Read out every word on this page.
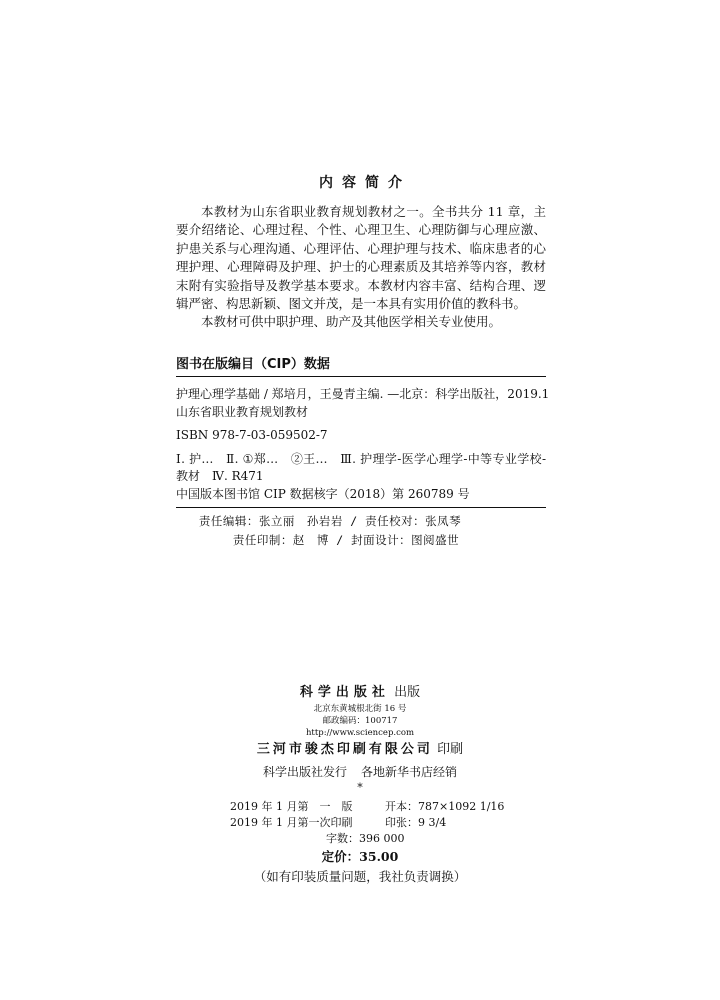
内容简介

本教材为山东省职业教育规划教材之一。全书共分 11 章，主要介绍绪论、心理过程、个性、心理卫生、心理防御与心理应激、护患关系与心理沟通、心理评估、心理护理与技术、临床患者的心理护理、心理障碍及护理、护士的心理素质及其培养等内容，教材末附有实验指导及教学基本要求。本教材内容丰富、结构合理、逻辑严密、构思新颖、图文并茂，是一本具有实用价值的教科书。

本教材可供中职护理、助产及其他医学相关专业使用。

图书在版编目（CIP）数据
护理心理学基础 / 郑培月，王曼青主编. —北京：科学出版社，2019.1
山东省职业教育规划教材
ISBN 978-7-03-059502-7
Ⅰ. 护…　Ⅱ. ①郑…　②王…　Ⅲ. 护理学-医学心理学-中等专业学校-教材　Ⅳ. R471
中国版本图书馆 CIP 数据核字（2018）第 260789 号
责任编辑：张立丽　孙岩岩 / 责任校对：张凤琴
责任印制：赵　博 / 封面设计：图阅盛世
科学出版社 出版
北京东黄城根北街 16 号
邮政编码：100717
http://www.sciencep.com
三河市骏杰印刷有限公司 印刷
科学出版社发行 各地新华书店经销
*
2019 年 1 月第　一　版	开本：787×1092 1/16
2019 年 1 月第一次印刷	印张：9 3/4
字数：396 000
定价：35.00
（如有印装质量问题，我社负责调换）
